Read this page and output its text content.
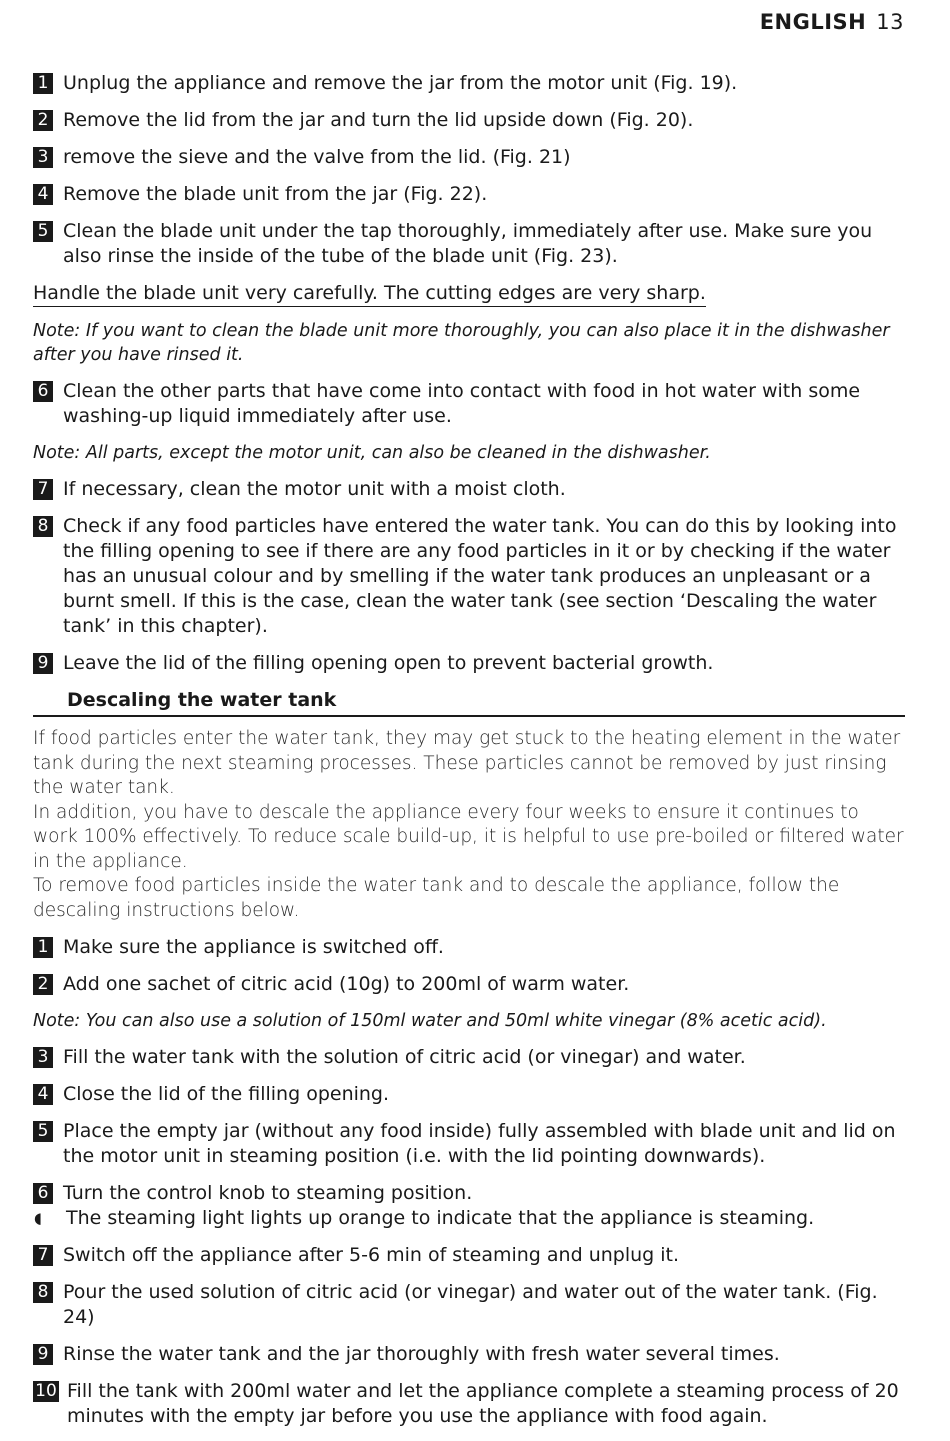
ENGLISH 13
1 Unplug the appliance and remove the jar from the motor unit (Fig. 19).
2 Remove the lid from the jar and turn the lid upside down (Fig. 20).
3 remove the sieve and the valve from the lid. (Fig. 21)
4 Remove the blade unit from the jar (Fig. 22).
5 Clean the blade unit under the tap thoroughly, immediately after use. Make sure you also rinse the inside of the tube of the blade unit (Fig. 23).
Handle the blade unit very carefully. The cutting edges are very sharp.
Note: If you want to clean the blade unit more thoroughly, you can also place it in the dishwasher after you have rinsed it.
6 Clean the other parts that have come into contact with food in hot water with some washing-up liquid immediately after use.
Note: All parts, except the motor unit, can also be cleaned in the dishwasher.
7 If necessary, clean the motor unit with a moist cloth.
8 Check if any food particles have entered the water tank. You can do this by looking into the filling opening to see if there are any food particles in it or by checking if the water has an unusual colour and by smelling if the water tank produces an unpleasant or a burnt smell. If this is the case, clean the water tank (see section ‘Descaling the water tank’ in this chapter).
9 Leave the lid of the filling opening open to prevent bacterial growth.
Descaling the water tank

If food particles enter the water tank, they may get stuck to the heating element in the water tank during the next steaming processes. These particles cannot be removed by just rinsing the water tank.

In addition, you have to descale the appliance every four weeks to ensure it continues to work 100% effectively. To reduce scale build-up, it is helpful to use pre-boiled or filtered water in the appliance.

To remove food particles inside the water tank and to descale the appliance, follow the descaling instructions below.

1 Make sure the appliance is switched off.
2 Add one sachet of citric acid (10g) to 200ml of warm water.
Note: You can also use a solution of 150ml water and 50ml white vinegar (8% acetic acid).
3 Fill the water tank with the solution of citric acid (or vinegar) and water.
4 Close the lid of the filling opening.
5 Place the empty jar (without any food inside) fully assembled with blade unit and lid on the motor unit in steaming position (i.e. with the lid pointing downwards).
6 Turn the control knob to steaming position.
◖	The steaming light lights up orange to indicate that the appliance is steaming.
7 Switch off the appliance after 5-6 min of steaming and unplug it.
8 Pour the used solution of citric acid (or vinegar) and water out of the water tank. (Fig. 24)
9 Rinse the water tank and the jar thoroughly with fresh water several times.
10 Fill the tank with 200ml water and let the appliance complete a steaming process of 20 minutes with the empty jar before you use the appliance with food again.
